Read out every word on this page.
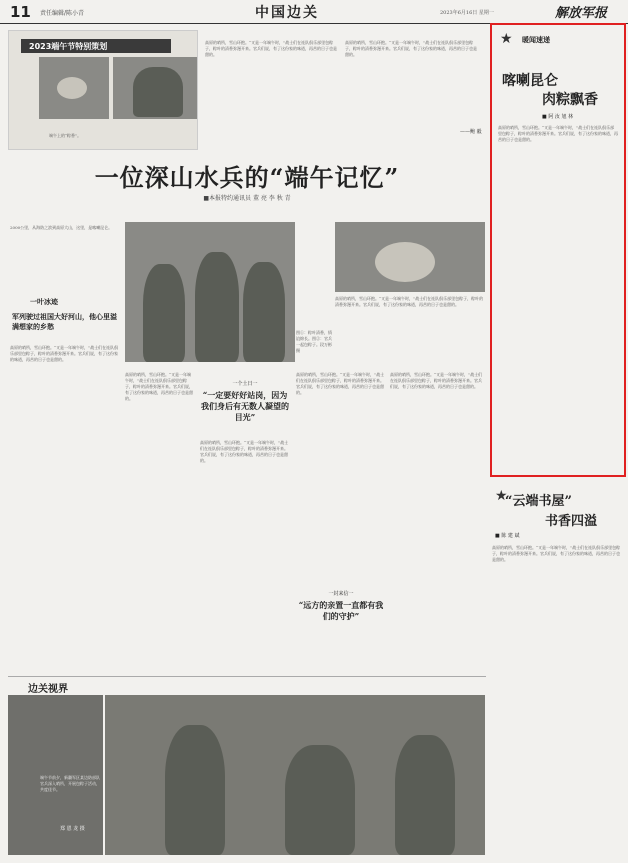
11 责任编辑/陈小青	中国边关	2023年6月16日 星期一	解放军报
2023端午节特别策划
端午上的“粽香”。
高原的哨所，雪山环抱。“又是一年端午时，”战士们在连队俱乐部里包粽子，粽叶的清香弥漫开来。官兵们说，有了这份家的味道，再苦的日子也是甜的。
高原的哨所，雪山环抱。“又是一年端午时，”战士们在连队俱乐部里包粽子，粽叶的清香弥漫开来。官兵们说，有了这份家的味道，再苦的日子也是甜的。
——鲍 毅
一位深山水兵的“端午记忆”
■本报特约通讯员 董 亮 李 秋 青
2000公里，从海防之滨到高原大山，这里，是喀喇昆仑。
一叶冰迹
军列驶过祖国大好河山，他心里溢满想家的乡愁
高原的哨所，雪山环抱。“又是一年端午时，”战士们在连队俱乐部里包粽子，粽叶的清香弥漫开来。官兵们说，有了这份家的味道，再苦的日子也是甜的。
图①：粽叶清香，情谊绵长。图②：官兵一起包粽子。段万彬 摄
高原的哨所，雪山环抱。“又是一年端午时，”战士们在连队俱乐部里包粽子，粽叶的清香弥漫开来。官兵们说，有了这份家的味道，再苦的日子也是甜的。
高原的哨所，雪山环抱。“又是一年端午时，”战士们在连队俱乐部里包粽子，粽叶的清香弥漫开来。官兵们说，有了这份家的味道，再苦的日子也是甜的。
一个土日一
“一定要好好站岗，因为我们身后有无数人凝望的目光”
高原的哨所，雪山环抱。“又是一年端午时，”战士们在连队俱乐部里包粽子，粽叶的清香弥漫开来。官兵们说，有了这份家的味道，再苦的日子也是甜的。
高原的哨所，雪山环抱。“又是一年端午时，”战士们在连队俱乐部里包粽子，粽叶的清香弥漫开来。官兵们说，有了这份家的味道，再苦的日子也是甜的。
一封来信一
“远方的亲置一直都有我们的守护”
高原的哨所，雪山环抱。“又是一年端午时，”战士们在连队俱乐部里包粽子，粽叶的清香弥漫开来。官兵们说，有了这份家的味道，再苦的日子也是甜的。
边关视界
端午节前夕，新疆军区某边防部队官兵深入哨所，开展包粽子活动，共度佳节。
郑 恩 龙 摄
★	暖闻速递
喀喇昆仑
肉粽飘香
■ 阿 汝 旭 林
高原的哨所，雪山环抱。“又是一年端午时，”战士们在连队俱乐部里包粽子，粽叶的清香弥漫开来。官兵们说，有了这份家的味道，再苦的日子也是甜的。
★
“云端书屋”
书香四溢
■ 陈 建 斌
高原的哨所，雪山环抱。“又是一年端午时，”战士们在连队俱乐部里包粽子，粽叶的清香弥漫开来。官兵们说，有了这份家的味道，再苦的日子也是甜的。
